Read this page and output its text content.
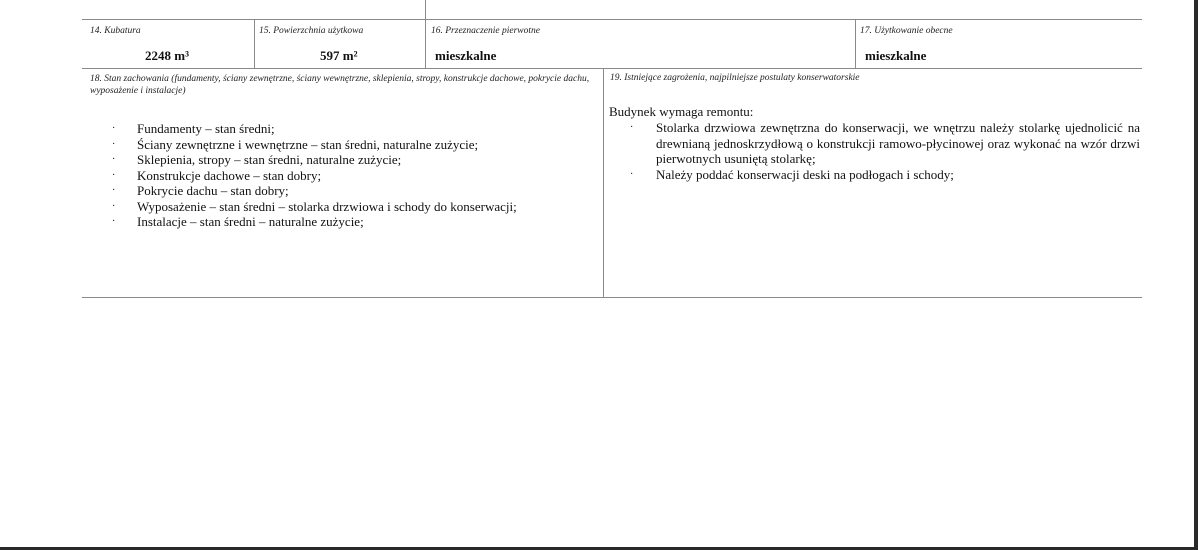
14. Kubatura
2248 m³
15. Powierzchnia użytkowa
597 m²
16. Przeznaczenie pierwotne
mieszkalne
17. Użytkowanie obecne
mieszkalne
18. Stan zachowania (fundamenty, ściany zewnętrzne, ściany wewnętrzne, sklepienia, stropy, konstrukcje dachowe, pokrycie dachu, wyposażenie i instalacje)
· Fundamenty – stan średni;
· Ściany zewnętrzne i wewnętrzne – stan średni, naturalne zużycie;
· Sklepienia, stropy – stan średni, naturalne zużycie;
· Konstrukcje dachowe – stan dobry;
· Pokrycie dachu – stan dobry;
· Wyposażenie – stan średni – stolarka drzwiowa i schody do konserwacji;
· Instalacje – stan średni – naturalne zużycie;
19. Istniejące zagrożenia, najpilniejsze postulaty konserwatorskie
Budynek wymaga remontu:
· Stolarka drzwiowa zewnętrzna do konserwacji, we wnętrzu należy stolarkę ujednolicić na drewnianą jednoskrzydłową o konstrukcji ramowo-płycinowej oraz wykonać na wzór drzwi pierwotnych usuniętą stolarkę;
· Należy poddać konserwacji deski na podłogach i schody;
